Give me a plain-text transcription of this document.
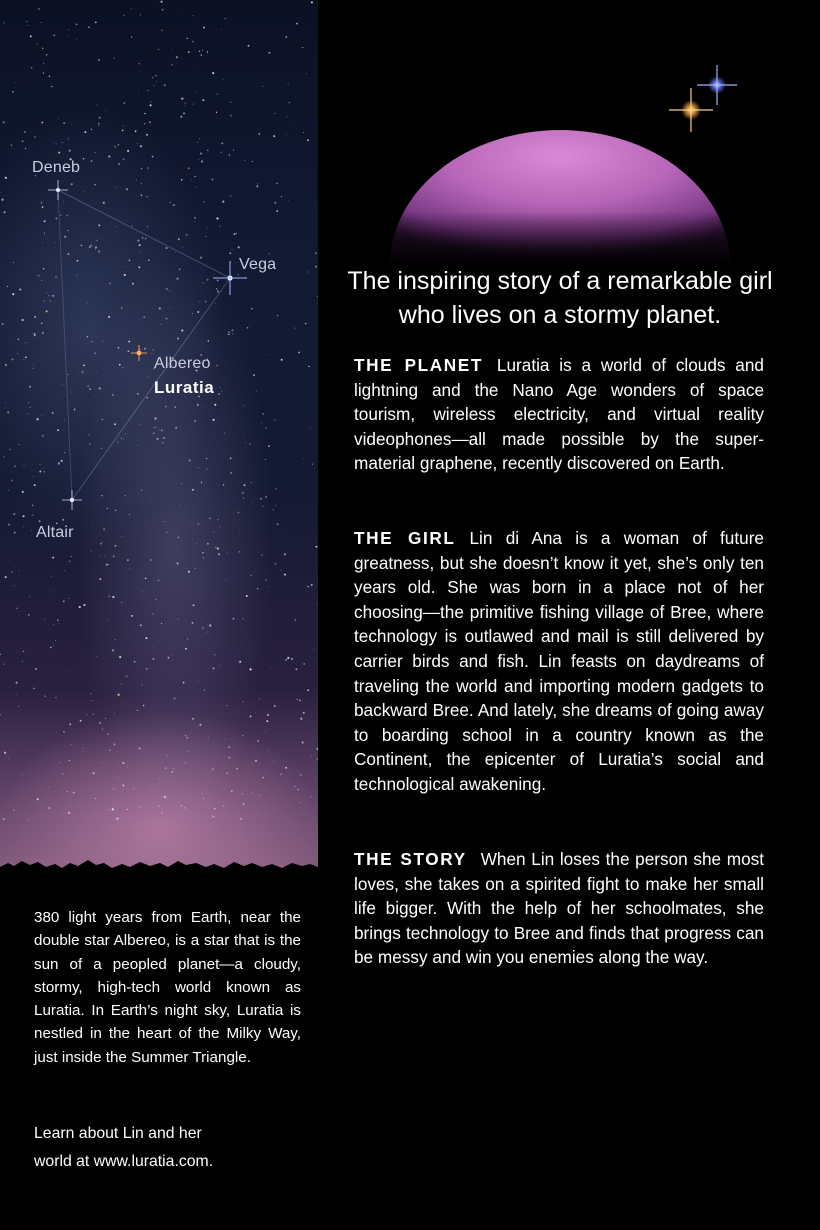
Deneb
Vega
Albereo
Luratia
Altair
The inspiring story of a remarkable girl who lives on a stormy planet.

THE PLANET Luratia is a world of clouds and lightning and the Nano Age wonders of space tourism, wireless electricity, and virtual reality videophones—all made possible by the super-material graphene, recently discovered on Earth.

THE GIRL Lin di Ana is a woman of future greatness, but she doesn’t know it yet, she’s only ten years old. She was born in a place not of her choosing—the primitive fishing village of Bree, where technology is outlawed and mail is still delivered by carrier birds and fish. Lin feasts on daydreams of traveling the world and importing modern gadgets to backward Bree. And lately, she dreams of going away to boarding school in a country known as the Continent, the epicenter of Luratia’s social and technological awakening.

THE STORY When Lin loses the person she most loves, she takes on a spirited fight to make her small life bigger. With the help of her schoolmates, she brings technology to Bree and finds that progress can be messy and win you enemies along the way.

380 light years from Earth, near the double star Albereo, is a star that is the sun of a peopled planet—a cloudy, stormy, high-tech world known as Luratia. In Earth’s night sky, Luratia is nestled in the heart of the Milky Way, just inside the Summer Triangle.

Learn about Lin and her
world at www.luratia.com.
